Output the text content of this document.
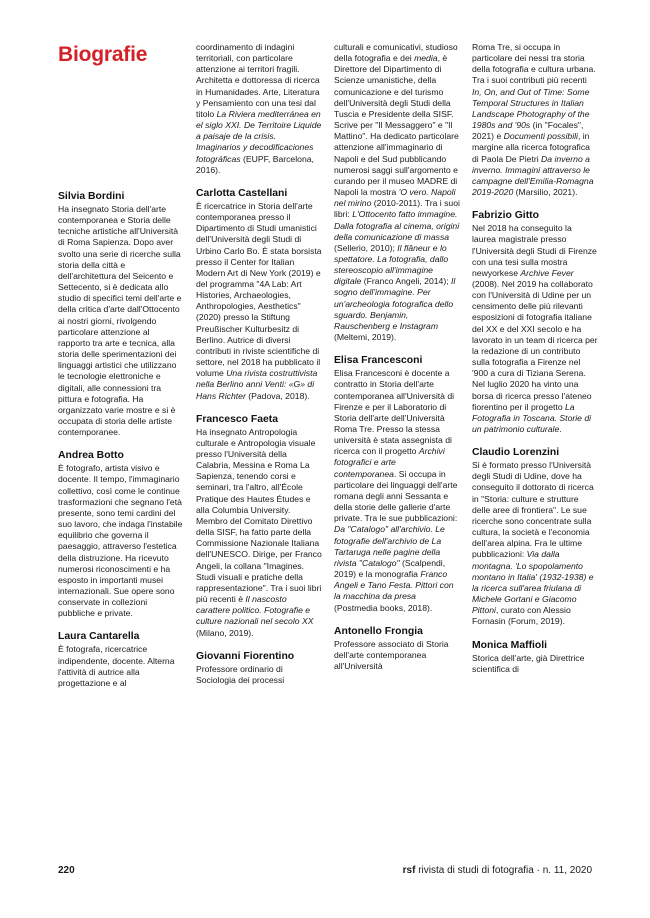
Biografie

Silvia Bordini

Ha insegnato Storia dell'arte contemporanea e Storia delle tecniche artistiche all'Università di Roma Sapienza. Dopo aver svolto una serie di ricerche sulla storia della città e dell'architettura del Seicento e Settecento, si è dedicata allo studio di specifici temi dell'arte e della critica d'arte dall'Ottocento ai nostri giorni, rivolgendo particolare attenzione al rapporto tra arte e tecnica, alla storia delle sperimentazioni dei linguaggi artistici che utilizzano le tecnologie elettroniche e digitali, alle connessioni tra pittura e fotografia. Ha organizzato varie mostre e si è occupata di storia delle artiste contemporanee.

Andrea Botto

È fotografo, artista visivo e docente. Il tempo, l'immaginario collettivo, così come le continue trasformazioni che segnano l'età presente, sono temi cardini del suo lavoro, che indaga l'instabile equilibrio che governa il paesaggio, attraverso l'estetica della distruzione. Ha ricevuto numerosi riconoscimenti e ha esposto in importanti musei internazionali. Sue opere sono conservate in collezioni pubbliche e private.

Laura Cantarella

È fotografa, ricercatrice indipendente, docente. Alterna l'attività di autrice alla progettazione e al

coordinamento di indagini territoriali, con particolare attenzione ai territori fragili. Architetta e dottoressa di ricerca in Humanidades. Arte, Literatura y Pensamiento con una tesi dal titolo La Riviera mediterránea en el siglo XXI. De Territoire Liquide a paisaje de la crisis. Imaginarios y decodificaciones fotográficas (EUPF, Barcelona, 2016).

Carlotta Castellani

È ricercatrice in Storia dell'arte contemporanea presso il Dipartimento di Studi umanistici dell'Università degli Studi di Urbino Carlo Bo. È stata borsista presso il Center for Italian Modern Art di New York (2019) e del programma "4A Lab: Art Histories, Archaeologies, Anthropologies, Aesthetics" (2020) presso la Stiftung Preußischer Kulturbesitz di Berlino. Autrice di diversi contributi in riviste scientifiche di settore, nel 2018 ha pubblicato il volume Una rivista costruttivista nella Berlino anni Venti: «G» di Hans Richter (Padova, 2018).

Francesco Faeta

Ha insegnato Antropologia culturale e Antropologia visuale presso l'Università della Calabria, Messina e Roma La Sapienza, tenendo corsi e seminari, tra l'altro, all'École Pratique des Hautes Études e alla Columbia University. Membro del Comitato Direttivo della SISF, ha fatto parte della Commissione Nazionale Italiana dell'UNESCO. Dirige, per Franco Angeli, la collana "Imagines. Studi visuali e pratiche della rappresentazione". Tra i suoi libri più recenti è Il nascosto carattere politico. Fotografie e culture nazionali nel secolo XX (Milano, 2019).

Giovanni Fiorentino

Professore ordinario di Sociologia dei processi

culturali e comunicativi, studioso della fotografia e dei media, è Direttore del Dipartimento di Scienze umanistiche, della comunicazione e del turismo dell'Università degli Studi della Tuscia e Presidente della SISF. Scrive per "Il Messaggero" e "Il Mattino". Ha dedicato particolare attenzione all'immaginario di Napoli e del Sud pubblicando numerosi saggi sull'argomento e curando per il museo MADRE di Napoli la mostra 'O vero. Napoli nel mirino (2010-2011). Tra i suoi libri: L'Ottocento fatto immagine. Dalla fotografia al cinema, origini della comunicazione di massa (Sellerio, 2010); Il flâneur e lo spettatore. La fotografia, dallo stereoscopio all'immagine digitale (Franco Angeli, 2014); Il sogno dell'immagine. Per un'archeologia fotografica dello sguardo. Benjamin, Rauschenberg e Instagram (Meltemi, 2019).

Elisa Francesconi

Elisa Francesconi è docente a contratto in Storia dell'arte contemporanea all'Università di Firenze e per il Laboratorio di Storia dell'arte dell'Università Roma Tre. Presso la stessa università è stata assegnista di ricerca con il progetto Archivi fotografici e arte contemporanea. Si occupa in particolare dei linguaggi dell'arte romana degli anni Sessanta e della storie delle gallerie d'arte private. Tra le sue pubblicazioni: Da "Catalogo" all'archivio. Le fotografie dell'archivio de La Tartaruga nelle pagine della rivista "Catalogo" (Scalpendi, 2019) e la monografia Franco Angeli e Tano Festa. Pittori con la macchina da presa (Postmedia books, 2018).

Antonello Frongia

Professore associato di Storia dell'arte contemporanea all'Università

Roma Tre, si occupa in particolare dei nessi tra storia della fotografia e cultura urbana. Tra i suoi contributi più recenti In, On, and Out of Time: Some Temporal Structures in Italian Landscape Photography of the 1980s and '90s (in "Focales", 2021) e Documenti possibili, in margine alla ricerca fotografica di Paola De Pietri Da inverno a inverno. Immagini attraverso le campagne dell'Emilia-Romagna 2019-2020 (Marsilio, 2021).

Fabrizio Gitto

Nel 2018 ha conseguito la laurea magistrale presso l'Università degli Studi di Firenze con una tesi sulla mostra newyorkese Archive Fever (2008). Nel 2019 ha collaborato con l'Università di Udine per un censimento delle più rilevanti esposizioni di fotografia italiane del XX e del XXI secolo e ha lavorato in un team di ricerca per la redazione di un contributo sulla fotografia a Firenze nel '900 a cura di Tiziana Serena. Nel luglio 2020 ha vinto una borsa di ricerca presso l'ateneo fiorentino per il progetto La Fotografia in Toscana. Storie di un patrimonio culturale.

Claudio Lorenzini

Si è formato presso l'Università degli Studi di Udine, dove ha conseguito il dottorato di ricerca in "Storia: culture e strutture delle aree di frontiera". Le sue ricerche sono concentrate sulla cultura, la società e l'economia dell'area alpina. Fra le ultime pubblicazioni: Via dalla montagna. 'Lo spopolamento montano in Italia' (1932-1938) e la ricerca sull'area friulana di Michele Gortani e Giacomo Pittoni, curato con Alessio Fornasin (Forum, 2019).

Monica Maffioli

Storica dell'arte, già Direttrice scientifica di

220	rsf rivista di studi di fotografia · n. 11, 2020
